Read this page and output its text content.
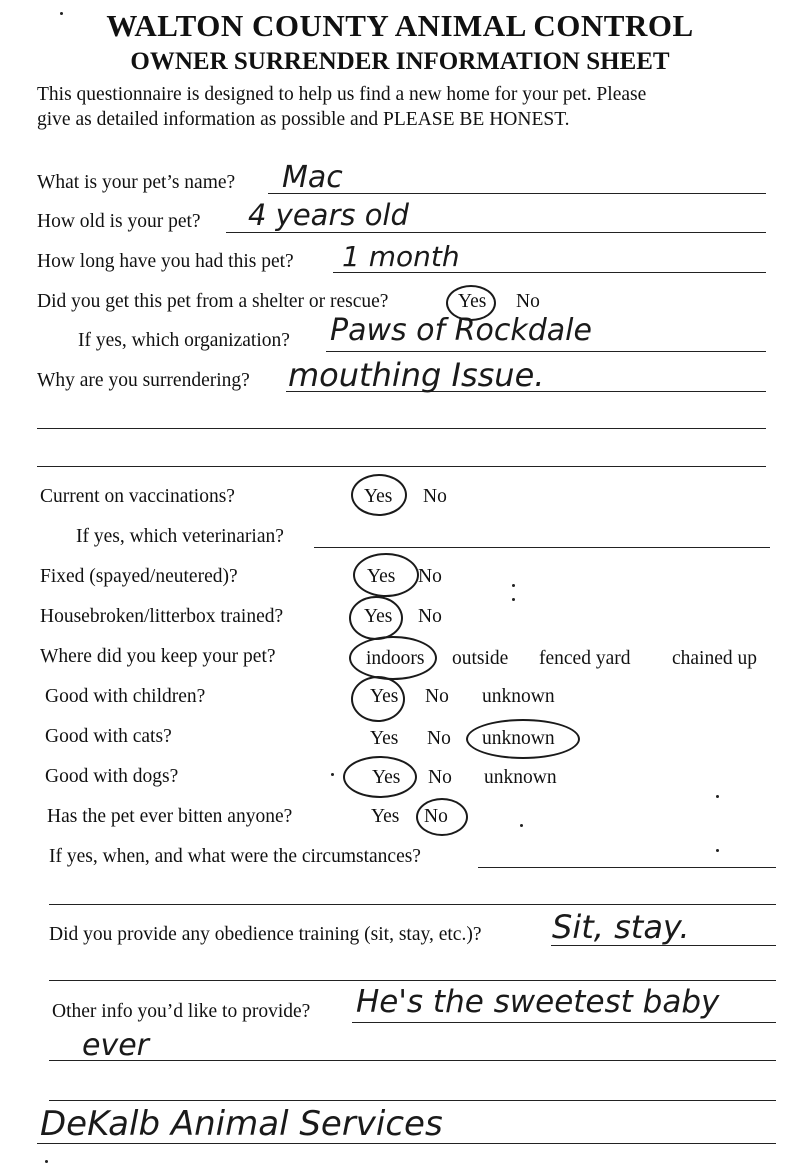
WALTON COUNTY ANIMAL CONTROL
OWNER SURRENDER INFORMATION SHEET
This questionnaire is designed to help us find a new home for your pet. Please
give as detailed information as possible and PLEASE BE HONEST.
What is your pet’s name? Mac
How old is your pet? 4 years old
How long have you had this pet? 1 month
Did you get this pet from a shelter or rescue?	Yes No
If yes, which organization? Paws of Rockdale
Why are you surrendering? mouthing Issue.
Current on vaccinations?	Yes No
If yes, which veterinarian?
Fixed (spayed/neutered)?	Yes No
Housebroken/litterbox trained?	Yes No
Where did you keep your pet?	indoors outside fenced yard chained up
Good with children?	Yes No unknown
Good with cats?	Yes No unknown
Good with dogs?	Yes No unknown
Has the pet ever bitten anyone?	Yes No
If yes, when, and what were the circumstances?
Did you provide any obedience training (sit, stay, etc.)? Sit, stay.
Other info you’d like to provide? He's the sweetest baby
ever
DeKalb Animal Services
